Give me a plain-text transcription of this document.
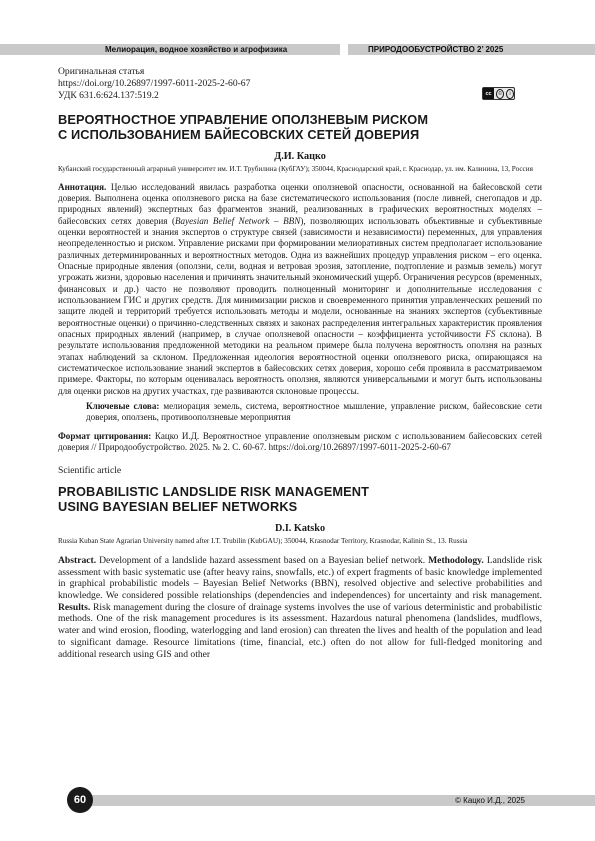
Мелиорация, водное хозяйство и агрофизика	ПРИРОДООБУСТРОЙСТВО 2’ 2025
cc	©	i
Оригинальная статья
https://doi.org/10.26897/1997-6011-2025-2-60-67
УДК 631.6:624.137:519.2
ВЕРОЯТНОСТНОЕ УПРАВЛЕНИЕ ОПОЛЗНЕВЫМ РИСКОМ
С ИСПОЛЬЗОВАНИЕМ БАЙЕСОВСКИХ СЕТЕЙ ДОВЕРИЯ
Д.И. Кацко
Кубанский государственный аграрный университет им. И.Т. Трубилина (КубГАУ); 350044, Краснодарский край, г. Краснодар, ул. им. Калинина, 13, Россия
Аннотация. Целью исследований явилась разработка оценки оползневой опасности, основанной на байесовской сети доверия. Выполнена оценка оползневого риска на базе систематического использования (после ливней, снегопадов и др. природных явлений) экспертных баз фрагментов знаний, реализованных в графических вероятностных моделях – байесовских сетях доверия (Bayesian Belief Network – BBN), позволяющих использовать объективные и субъективные оценки вероятностей и знания экспертов о структуре связей (зависимости и независимости) переменных, для управления неопределенностью и риском. Управление рисками при формировании мелиоративных систем предполагает использование различных детерминированных и вероятностных методов. Одна из важнейших процедур управления риском – его оценка. Опасные природные явления (оползни, сели, водная и ветровая эрозия, затопление, подтопление и размыв земель) могут угрожать жизни, здоровью населения и причинять значительный экономический ущерб. Ограничения ресурсов (временных, финансовых и др.) часто не позволяют проводить полноценный мониторинг и дополнительные исследования с использованием ГИС и других средств. Для минимизации рисков и своевременного принятия управленческих решений по защите людей и территорий требуется использовать методы и модели, основанные на знаниях экспертов (субъективные вероятностные оценки) о причинно-следственных связях и законах распределения интегральных характеристик проявления опасных природных явлений (например, в случае оползневой опасности – коэффициента устойчивости FS склона). В результате использования предложенной методики на реальном примере была получена вероятность оползня на разных этапах наблюдений за склоном. Предложенная идеология вероятностной оценки оползневого риска, опирающаяся на систематическое использование знаний экспертов в байесовских сетях доверия, хорошо себя проявила в рассматриваемом примере. Факторы, по которым оценивалась вероятность оползня, являются универсальными и могут быть использованы для оценки рисков на других участках, где развиваются склоновые процессы.
Ключевые слова: мелиорация земель, система, вероятностное мышление, управление риском, байесовские сети доверия, оползень, противооползневые мероприятия
Формат цитирования: Кацко И.Д. Вероятностное управление оползневым риском с использованием байесовских сетей доверия // Природообустройство. 2025. № 2. С. 60-67. https://doi.org/10.26897/1997-6011-2025-2-60-67
Scientific article
PROBABILISTIC LANDSLIDE RISK MANAGEMENT
USING BAYESIAN BELIEF NETWORKS
D.I. Katsko
Russia Kuban State Agrarian University named after I.T. Trubilin (KubGAU); 350044, Krasnodar Territory, Krasnodar, Kalinin St., 13. Russia
Abstract. Development of a landslide hazard assessment based on a Bayesian belief network. Methodology. Landslide risk assessment with basic systematic use (after heavy rains, snowfalls, etc.) of expert fragments of basic knowledge implemented in graphical probabilistic models – Bayesian Belief Networks (BBN), resolved objective and selective probabilities and knowledge. We considered possible relationships (dependencies and independences) for uncertainty and risk management. Results. Risk management during the closure of drainage systems involves the use of various deterministic and probabilistic methods. One of the risk management procedures is its assessment. Hazardous natural phenomena (landslides, mudflows, water and wind erosion, flooding, waterlogging and land erosion) can threaten the lives and health of the population and lead to significant damage. Resource limitations (time, financial, etc.) often do not allow for full-fledged monitoring and additional research using GIS and other
60	© Кацко И.Д., 2025
